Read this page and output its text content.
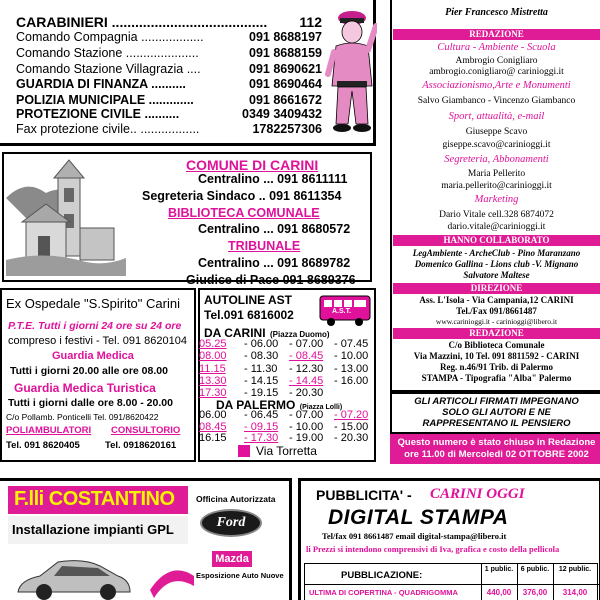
CARABINIERI ........................................ 112
Comando Compagnia ..................	091 8688197
Comando Stazione .....................	091 8688159
Comando Stazione Villagrazia ....	091 8690621
GUARDIA DI FINANZA ..........	091 8690464
POLIZIA MUNICIPALE .............	091 8661672
PROTEZIONE CIVILE ..........	0349 3409432
Fax protezione civile.. .................	1782257306
COMUNE DI CARINI
Centralino ... 091 8611111
Segreteria Sindaco .. 091 8611354
BIBLIOTECA COMUNALE
Centralino ... 091 8680572
TRIBUNALE
Centralino ... 091 8689782
Giudice di Pace 091 8689376
Ex Ospedale "S.Spirito" Carini
P.T.E. Tutti i giorni 24 ore su 24 ore
compreso i festivi - Tel. 091 8620104
Guardia Medica
Tutti i giorni 20.00 alle ore 08.00
Guardia Medica Turistica
Tutti i giorni dalle ore 8.00 - 20.00
C/o Pollamb. Ponticelli Tel. 091/8620422
POLIAMBULATORI CONSULTORIO
Tel. 091 8620405	Tel. 0918620161
AUTOLINE AST
Tel.091 6816002	A.S.T.
DA CARINI (Piazza Duomo)
05.25	- 06.00 - 07.00 - 07.45
08.00	- 08.30 - 08.45 - 10.00
11.15	- 11.30	- 12.30 - 13.00
13.30	- 14.15 - 14.45 - 16.00
17.30	- 19.15 - 20.30
DA PALERMO (Piazza Lolli)
06.00	- 06.45 - 07.00 - 07.20
08.45	- 09.15 - 10.00 - 15.00
16.15	- 17.30 - 19.00 - 20.30
Via Torretta
Pier Francesco Mistretta
REDAZIONE
Cultura - Ambiente - Scuola
Ambrogio Conigliaro
ambrogio.conigliaro@ carinioggi.it
Associazionismo,Arte e Monumenti
Salvo Giambanco - Vincenzo Giambanco
Sport, attualità, e-mail
Giuseppe Scavo
giseppe.scavo@carinioggi.it
Segreteria, Abbonamenti
Maria Pellerito
maria.pellerito@carinioggi.it
Marketing
Dario Vitale cell.328 6874072
dario.vitale@carinioggi.it
HANNO COLLABORATO
LegAmbiente - ArcheClub - Pino Maranzano
Domenico Gallina - Lions club -V. Mignano
Salvatore Maltese
DIREZIONE
Ass. L'Isola - Via Campania,12 CARINI
Tel./Fax 091/8661487
www.carinioggi.it - carinioggi@libero.it
REDAZIONE
C/o Biblioteca Comunale
Via Mazzini, 10 Tel. 091 8811592 - CARINI
Reg. n.46/91 Trib. di Palermo
STAMPA - Tipografia "Alba" Palermo
GLI ARTICOLI FIRMATI IMPEGNANO
SOLO GLI AUTORI E NE
RAPPRESENTANO IL PENSIERO
Questo numero è stato chiuso in Redazione
ore 11.00 di Mercoledi 02 OTTOBRE 2002
F.lli COSTANTINO
Installazione impianti GPL
Officina Autorizzata
Ford
Mazda
Esposizione Auto Nuove
PUBBLICITA' - CARINI OGGI
DIGITAL STAMPA
Tel/fax 091 8661487 email digital-stampa@libero.it
li Prezzi si intendono comprensivi di Iva, grafica e costo della pellicola
PUBBLICAZIONE:
1 public. 6 public.	12 public.
ULTIMA DI COPERTINA - QUADRIGOMMA	440,00	376,00	314,00
